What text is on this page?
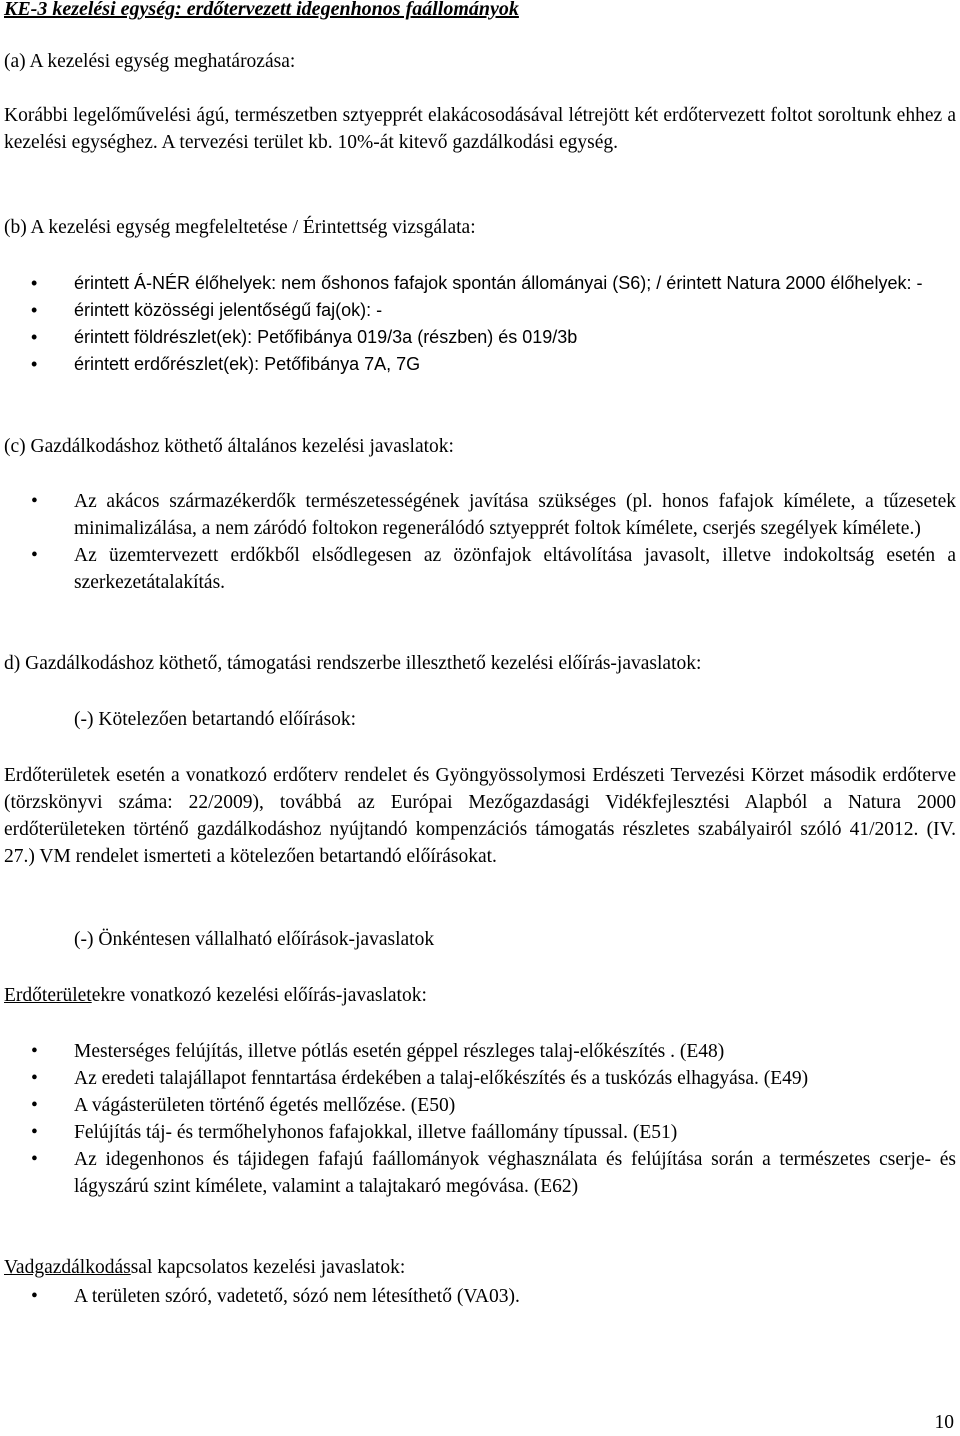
KE-3 kezelési egység: erdőtervezett idegenhonos faállományok

(a) A kezelési egység meghatározása:

Korábbi legelőművelési ágú, természetben sztyepprét elakácosodásával létrejött két erdőtervezett foltot soroltunk ehhez a kezelési egységhez. A tervezési terület kb. 10%-át kitevő gazdálkodási egység.

(b) A kezelési egység megfeleltetése / Érintettség vizsgálata:

• érintett Á-NÉR élőhelyek: nem őshonos fafajok spontán állományai (S6); / érintett Natura 2000 élőhelyek: -
• érintett közösségi jelentőségű faj(ok): -
• érintett földrészlet(ek): Petőfibánya 019/3a (részben) és 019/3b
• érintett erdőrészlet(ek): Petőfibánya 7A, 7G

(c) Gazdálkodáshoz köthető általános kezelési javaslatok:

• Az akácos származékerdők természetességének javítása szükséges (pl. honos fafajok kímélete, a tűzesetek minimalizálása, a nem záródó foltokon regenerálódó sztyepprét foltok kímélete, cserjés szegélyek kímélete.)
• Az üzemtervezett erdőkből elsődlegesen az özönfajok eltávolítása javasolt, illetve indokoltság esetén a szerkezetátalakítás.

d) Gazdálkodáshoz köthető, támogatási rendszerbe illeszthető kezelési előírás-javaslatok:

(-) Kötelezően betartandó előírások:

Erdőterületek esetén a vonatkozó erdőterv rendelet és Gyöngyössolymosi Erdészeti Tervezési Körzet második erdőterve (törzskönyvi száma: 22/2009), továbbá az Európai Mezőgazdasági Vidékfejlesztési Alapból a Natura 2000 erdőterületeken történő gazdálkodáshoz nyújtandó kompenzációs támogatás részletes szabályairól szóló 41/2012. (IV. 27.) VM rendelet ismerteti a kötelezően betartandó előírásokat.

(-) Önkéntesen vállalható előírások-javaslatok

Erdőterületekre vonatkozó kezelési előírás-javaslatok:

• Mesterséges felújítás, illetve pótlás esetén géppel részleges talaj-előkészítés . (E48)
• Az eredeti talajállapot fenntartása érdekében a talaj-előkészítés és a tuskózás elhagyása. (E49)
• A vágásterületen történő égetés mellőzése. (E50)
• Felújítás táj- és termőhelyhonos fafajokkal, illetve faállomány típussal. (E51)
• Az idegenhonos és tájidegen fafajú faállományok véghasználata és felújítása során a természetes cserje- és lágyszárú szint kímélete, valamint a talajtakaró megóvása. (E62)

Vadgazdálkodással kapcsolatos kezelési javaslatok:

• A területen szóró, vadetető, sózó nem létesíthető (VA03).
10
